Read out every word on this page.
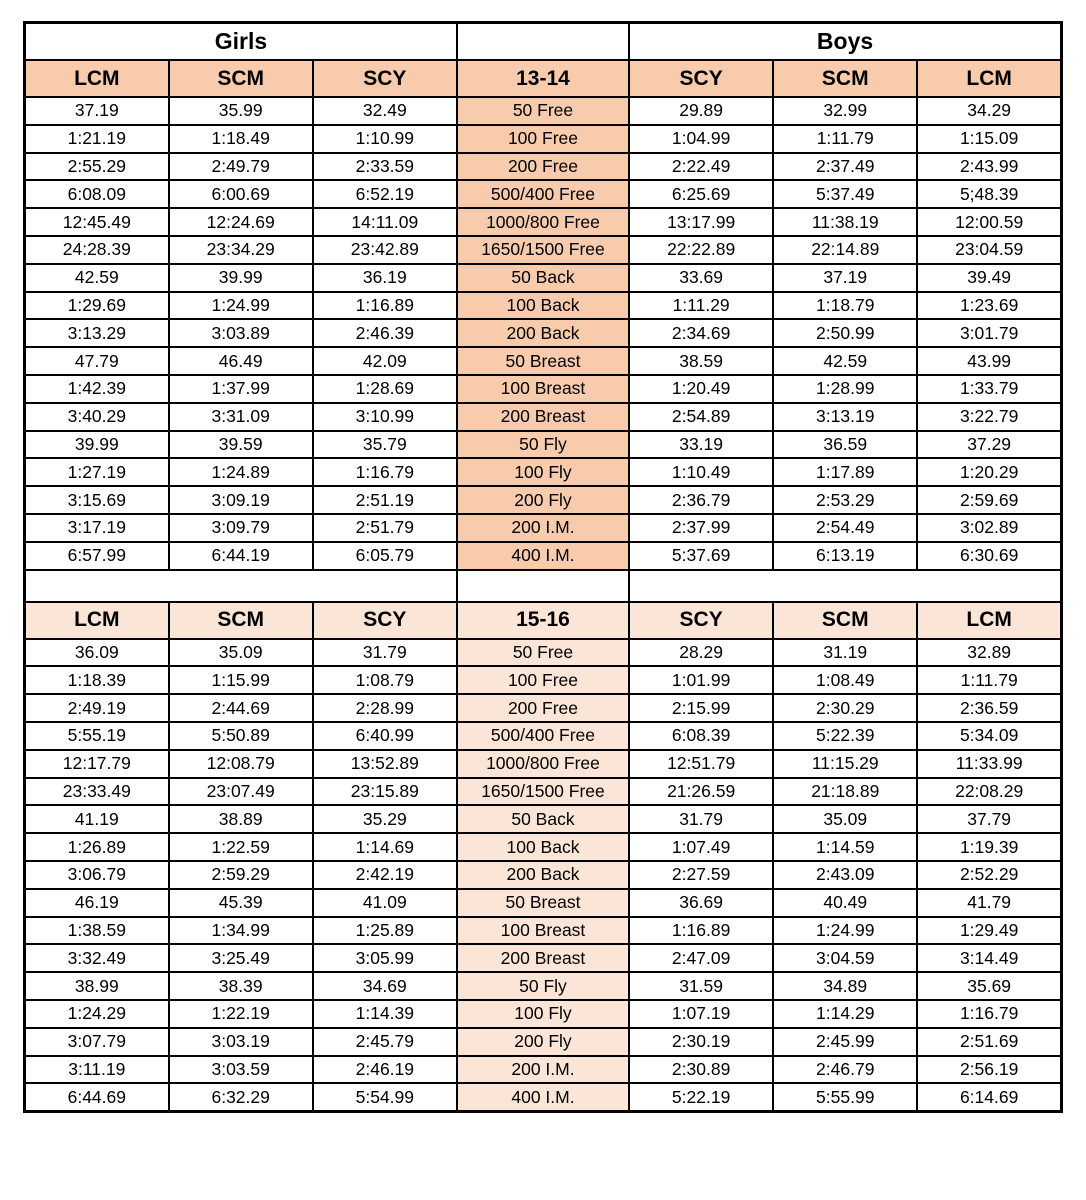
Girls				Boys		
LCM	SCM	SCY	13-14	SCY	SCM	LCM
37.19	35.99	32.49	50 Free	29.89	32.99	34.29
1:21.19	1:18.49	1:10.99	100 Free	1:04.99	1:11.79	1:15.09
2:55.29	2:49.79	2:33.59	200 Free	2:22.49	2:37.49	2:43.99
6:08.09	6:00.69	6:52.19	500/400 Free	6:25.69	5:37.49	5;48.39
12:45.49	12:24.69	14:11.09	1000/800 Free	13:17.99	11:38.19	12:00.59
24:28.39	23:34.29	23:42.89	1650/1500 Free	22:22.89	22:14.89	23:04.59
42.59	39.99	36.19	50 Back	33.69	37.19	39.49
1:29.69	1:24.99	1:16.89	100 Back	1:11.29	1:18.79	1:23.69
3:13.29	3:03.89	2:46.39	200 Back	2:34.69	2:50.99	3:01.79
47.79	46.49	42.09	50 Breast	38.59	42.59	43.99
1:42.39	1:37.99	1:28.69	100 Breast	1:20.49	1:28.99	1:33.79
3:40.29	3:31.09	3:10.99	200 Breast	2:54.89	3:13.19	3:22.79
39.99	39.59	35.79	50 Fly	33.19	36.59	37.29
1:27.19	1:24.89	1:16.79	100 Fly	1:10.49	1:17.89	1:20.29
3:15.69	3:09.19	2:51.19	200 Fly	2:36.79	2:53.29	2:59.69
3:17.19	3:09.79	2:51.79	200 I.M.	2:37.99	2:54.49	3:02.89
6:57.99	6:44.19	6:05.79	400 I.M.	5:37.69	6:13.19	6:30.69

LCM	SCM	SCY	15-16	SCY	SCM	LCM
36.09	35.09	31.79	50 Free	28.29	31.19	32.89
1:18.39	1:15.99	1:08.79	100 Free	1:01.99	1:08.49	1:11.79
2:49.19	2:44.69	2:28.99	200 Free	2:15.99	2:30.29	2:36.59
5:55.19	5:50.89	6:40.99	500/400 Free	6:08.39	5:22.39	5:34.09
12:17.79	12:08.79	13:52.89	1000/800 Free	12:51.79	11:15.29	11:33.99
23:33.49	23:07.49	23:15.89	1650/1500 Free	21:26.59	21:18.89	22:08.29
41.19	38.89	35.29	50 Back	31.79	35.09	37.79
1:26.89	1:22.59	1:14.69	100 Back	1:07.49	1:14.59	1:19.39
3:06.79	2:59.29	2:42.19	200 Back	2:27.59	2:43.09	2:52.29
46.19	45.39	41.09	50 Breast	36.69	40.49	41.79
1:38.59	1:34.99	1:25.89	100 Breast	1:16.89	1:24.99	1:29.49
3:32.49	3:25.49	3:05.99	200 Breast	2:47.09	3:04.59	3:14.49
38.99	38.39	34.69	50 Fly	31.59	34.89	35.69
1:24.29	1:22.19	1:14.39	100 Fly	1:07.19	1:14.29	1:16.79
3:07.79	3:03.19	2:45.79	200 Fly	2:30.19	2:45.99	2:51.69
3:11.19	3:03.59	2:46.19	200 I.M.	2:30.89	2:46.79	2:56.19
6:44.69	6:32.29	5:54.99	400 I.M.	5:22.19	5:55.99	6:14.69
